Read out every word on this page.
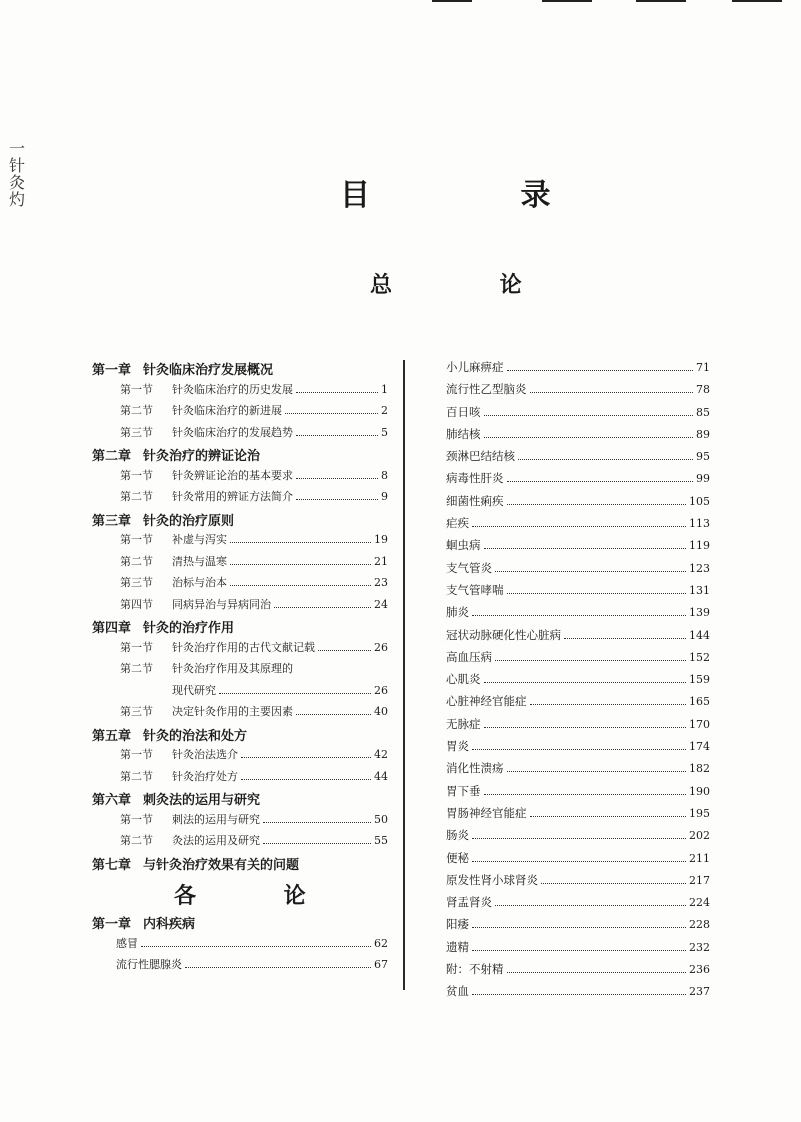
一针灸灼	目 录
总 论
第一章 针灸临床治疗发展概况
第一节	针灸临床治疗的历史发展	1
第二节	针灸临床治疗的新进展	2
第三节	针灸临床治疗的发展趋势	5
第二章 针灸治疗的辨证论治
第一节	针灸辨证论治的基本要求	8
第二节	针灸常用的辨证方法简介	9
第三章 针灸的治疗原则
第一节	补虚与泻实	19
第二节	清热与温寒	21
第三节	治标与治本	23
第四节	同病异治与异病同治	24
第四章 针灸的治疗作用
第一节	针灸治疗作用的古代文献记载	26
第二节	针灸治疗作用及其原理的
现代研究	26
第三节	决定针灸作用的主要因素	40
第五章 针灸的治法和处方
第一节	针灸治法选介	42
第二节	针灸治疗处方	44
第六章 刺灸法的运用与研究
第一节	刺法的运用与研究	50
第二节	灸法的运用及研究	55
第七章 与针灸治疗效果有关的问题
各 论
第一章 内科疾病
感冒	62
流行性腮腺炎	67
小儿麻痹症	71
流行性乙型脑炎	78
百日咳	85
肺结核	89
颈淋巴结结核	95
病毒性肝炎	99
细菌性痢疾	105
疟疾	113
蛔虫病	119
支气管炎	123
支气管哮喘	131
肺炎	139
冠状动脉硬化性心脏病	144
高血压病	152
心肌炎	159
心脏神经官能症	165
无脉症	170
胃炎	174
消化性溃疡	182
胃下垂	190
胃肠神经官能症	195
肠炎	202
便秘	211
原发性肾小球肾炎	217
肾盂肾炎	224
阳痿	228
遗精	232
附：不射精	236
贫血	237
